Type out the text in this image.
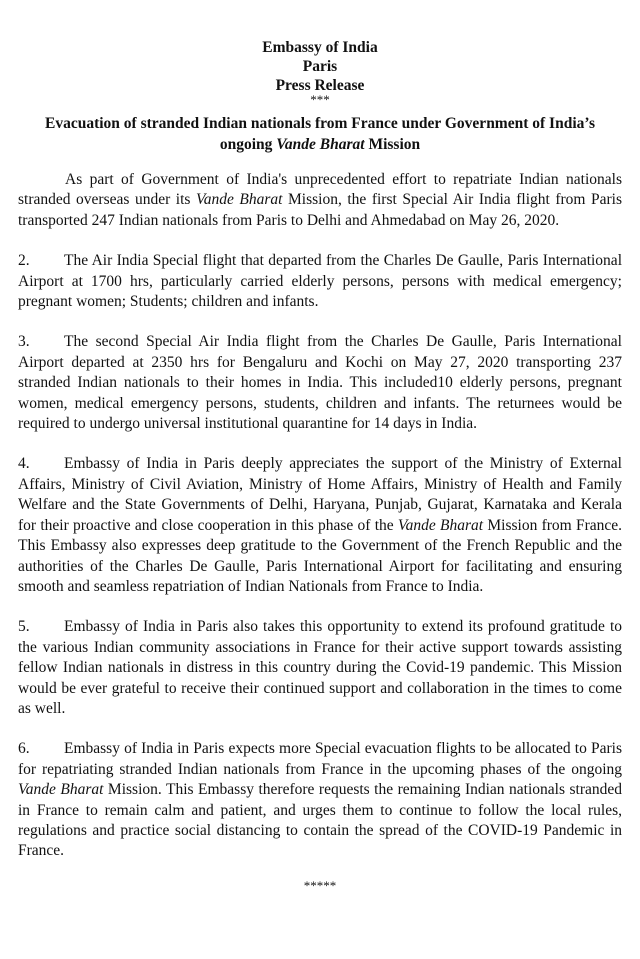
Embassy of India
Paris
Press Release
***
Evacuation of stranded Indian nationals from France under Government of India’s ongoing Vande Bharat Mission

As part of Government of India's unprecedented effort to repatriate Indian nationals stranded overseas under its Vande Bharat Mission, the first Special Air India flight from Paris transported 247 Indian nationals from Paris to Delhi and Ahmedabad on May 26, 2020.

2. The Air India Special flight that departed from the Charles De Gaulle, Paris International Airport at 1700 hrs, particularly carried elderly persons, persons with medical emergency; pregnant women; Students; children and infants.

3. The second Special Air India flight from the Charles De Gaulle, Paris International Airport departed at 2350 hrs for Bengaluru and Kochi on May 27, 2020 transporting 237 stranded Indian nationals to their homes in India. This included10 elderly persons, pregnant women, medical emergency persons, students, children and infants. The returnees would be required to undergo universal institutional quarantine for 14 days in India.

4. Embassy of India in Paris deeply appreciates the support of the Ministry of External Affairs, Ministry of Civil Aviation, Ministry of Home Affairs, Ministry of Health and Family Welfare and the State Governments of Delhi, Haryana, Punjab, Gujarat, Karnataka and Kerala for their proactive and close cooperation in this phase of the Vande Bharat Mission from France. This Embassy also expresses deep gratitude to the Government of the French Republic and the authorities of the Charles De Gaulle, Paris International Airport for facilitating and ensuring smooth and seamless repatriation of Indian Nationals from France to India.

5. Embassy of India in Paris also takes this opportunity to extend its profound gratitude to the various Indian community associations in France for their active support towards assisting fellow Indian nationals in distress in this country during the Covid-19 pandemic. This Mission would be ever grateful to receive their continued support and collaboration in the times to come as well.

6. Embassy of India in Paris expects more Special evacuation flights to be allocated to Paris for repatriating stranded Indian nationals from France in the upcoming phases of the ongoing Vande Bharat Mission. This Embassy therefore requests the remaining Indian nationals stranded in France to remain calm and patient, and urges them to continue to follow the local rules, regulations and practice social distancing to contain the spread of the COVID-19 Pandemic in France.

*****
